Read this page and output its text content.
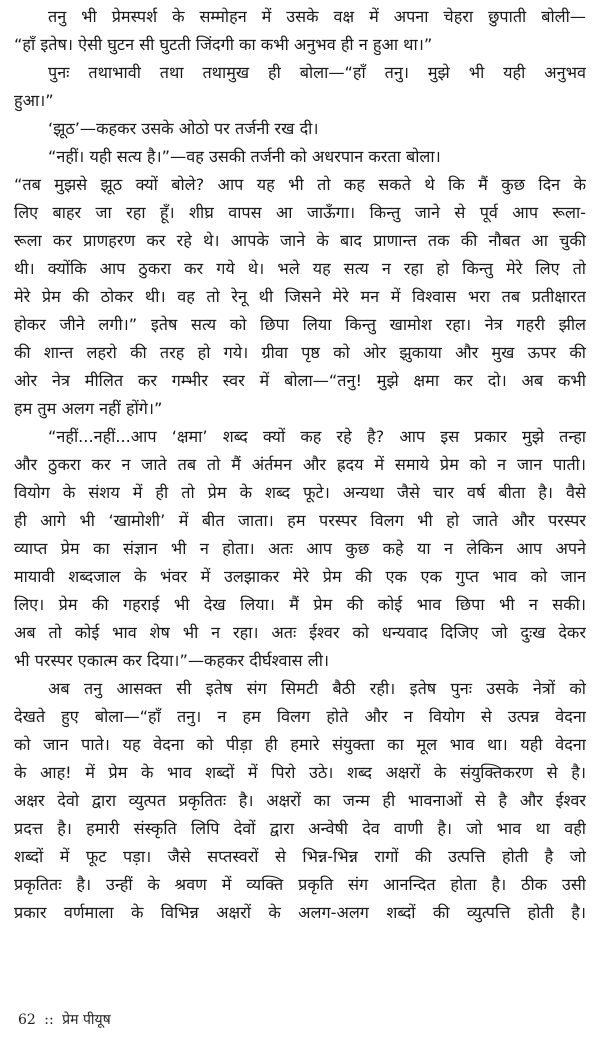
तनु भी प्रेमस्पर्श के सम्मोहन में उसके वक्ष में अपना चेहरा छुपाती बोली—
“हाँ इतेष। ऐसी घुटन सी घुटती जिंदगी का कभी अनुभव ही न हुआ था।”
पुनः तथाभावी तथा तथामुख ही बोला—“हाँ तनु। मुझे भी यही अनुभव
हुआ।”
‘झूठ’—कहकर उसके ओठो पर तर्जनी रख दी।
“नहीं। यही सत्य है।”—वह उसकी तर्जनी को अधरपान करता बोला।
“तब मुझसे झूठ क्यों बोले? आप यह भी तो कह सकते थे कि मैं कुछ दिन के
लिए बाहर जा रहा हूँ। शीघ्र वापस आ जाऊँगा। किन्तु जाने से पूर्व आप रूला-
रूला कर प्राणहरण कर रहे थे। आपके जाने के बाद प्राणान्त तक की नौबत आ चुकी
थी। क्योंकि आप ठुकरा कर गये थे। भले यह सत्य न रहा हो किन्तु मेरे लिए तो
मेरे प्रेम की ठोकर थी। वह तो रेनू थी जिसने मेरे मन में विश्वास भरा तब प्रतीक्षारत
होकर जीने लगी।” इतेष सत्य को छिपा लिया किन्तु खामोश रहा। नेत्र गहरी झील
की शान्त लहरो की तरह हो गये। ग्रीवा पृष्ठ को ओर झुकाया और मुख ऊपर की
ओर नेत्र मीलित कर गम्भीर स्वर में बोला—“तनु! मुझे क्षमा कर दो। अब कभी
हम तुम अलग नहीं होंगे।”
“नहीं...नहीं...आप ‘क्षमा’ शब्द क्यों कह रहे है? आप इस प्रकार मुझे तन्हा
और ठुकरा कर न जाते तब तो मैं अंर्तमन और ह्रदय में समाये प्रेम को न जान पाती।
वियोग के संशय में ही तो प्रेम के शब्द फूटे। अन्यथा जैसे चार वर्ष बीता है। वैसे
ही आगे भी ‘खामोशी’ में बीत जाता। हम परस्पर विलग भी हो जाते और परस्पर
व्याप्त प्रेम का संज्ञान भी न होता। अतः आप कुछ कहे या न लेकिन आप अपने
मायावी शब्दजाल के भंवर में उलझाकर मेरे प्रेम की एक एक गुप्त भाव को जान
लिए। प्रेम की गहराई भी देख लिया। मैं प्रेम की कोई भाव छिपा भी न सकी।
अब तो कोई भाव शेष भी न रहा। अतः ईश्वर को धन्यवाद दिजिए जो दुःख देकर
भी परस्पर एकात्म कर दिया।”—कहकर दीर्घश्वास ली।
अब तनु आसक्त सी इतेष संग सिमटी बैठी रही। इतेष पुनः उसके नेत्रों को
देखते हुए बोला—“हाँ तनु। न हम विलग होते और न वियोग से उत्पन्न वेदना
को जान पाते। यह वेदना को पीड़ा ही हमारे संयुक्ता का मूल भाव था। यही वेदना
के आह! में प्रेम के भाव शब्दों में पिरो उठे। शब्द अक्षरों के संयुक्तिकरण से है।
अक्षर देवो द्वारा व्युत्पत प्रकृतितः है। अक्षरों का जन्म ही भावनाओं से है और ईश्वर
प्रदत्त है। हमारी संस्कृति लिपि देवों द्वारा अन्वेषी देव वाणी है। जो भाव था वही
शब्दों में फूट पड़ा। जैसे सप्तस्वरों से भिन्न-भिन्न रागों की उत्पत्ति होती है जो
प्रकृतितः है। उन्हीं के श्रवण में व्यक्ति प्रकृति संग आनन्दित होता है। ठीक उसी
प्रकार वर्णमाला के विभिन्न अक्षरों के अलग-अलग शब्दों की व्युत्पत्ति होती है।
62 :: प्रेम पीयूष
